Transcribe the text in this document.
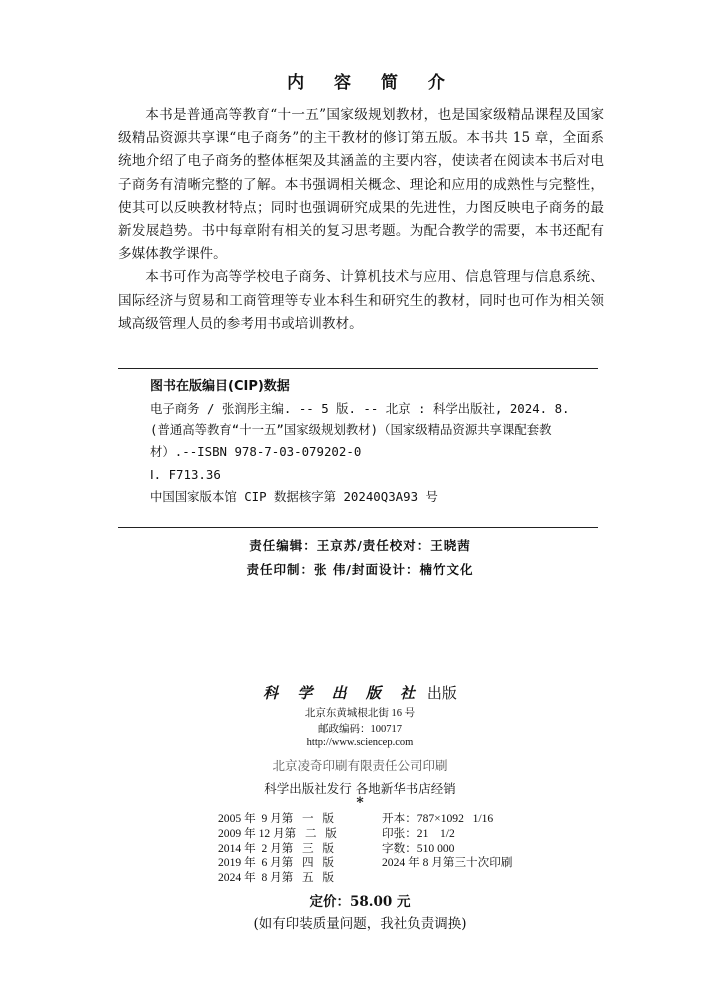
内 容 简 介

本书是普通高等教育“十一五”国家级规划教材，也是国家级精品课程及国家级精品资源共享课“电子商务”的主干教材的修订第五版。本书共 15 章，全面系统地介绍了电子商务的整体框架及其涵盖的主要内容，使读者在阅读本书后对电子商务有清晰完整的了解。本书强调相关概念、理论和应用的成熟性与完整性，使其可以反映教材特点；同时也强调研究成果的先进性，力图反映电子商务的最新发展趋势。书中每章附有相关的复习思考题。为配合教学的需要，本书还配有多媒体教学课件。

本书可作为高等学校电子商务、计算机技术与应用、信息管理与信息系统、国际经济与贸易和工商管理等专业本科生和研究生的教材，同时也可作为相关领域高级管理人员的参考用书或培训教材。

图书在版编目(CIP)数据
电子商务 / 张润彤主编. -- 5 版. -- 北京 : 科学出版社, 2024. 8. (普通高等教育“十一五”国家级规划教材)（国家级精品资源共享课配套教材）.--ISBN 978-7-03-079202-0
Ⅰ. F713.36
中国国家版本馆 CIP 数据核字第 20240Q3A93 号
责任编辑：王京苏/责任校对：王晓茜
责任印制：张 伟/封面设计：楠竹文化
科 学 出 版 社 出版
北京东黄城根北街 16 号
邮政编码：100717
http://www.sciencep.com
北京凌奇印刷有限责任公司印刷
科学出版社发行 各地新华书店经销
*
2005 年  9 月第   一   版	开本：787×1092   1/16
2009 年 12 月第   二   版	印张：21    1/2
2014 年  2 月第   三   版	字数：510 000
2019 年  6 月第   四   版	2024 年 8 月第三十次印刷
2024 年  8 月第   五   版
定价：58.00 元
(如有印装质量问题，我社负责调换)
